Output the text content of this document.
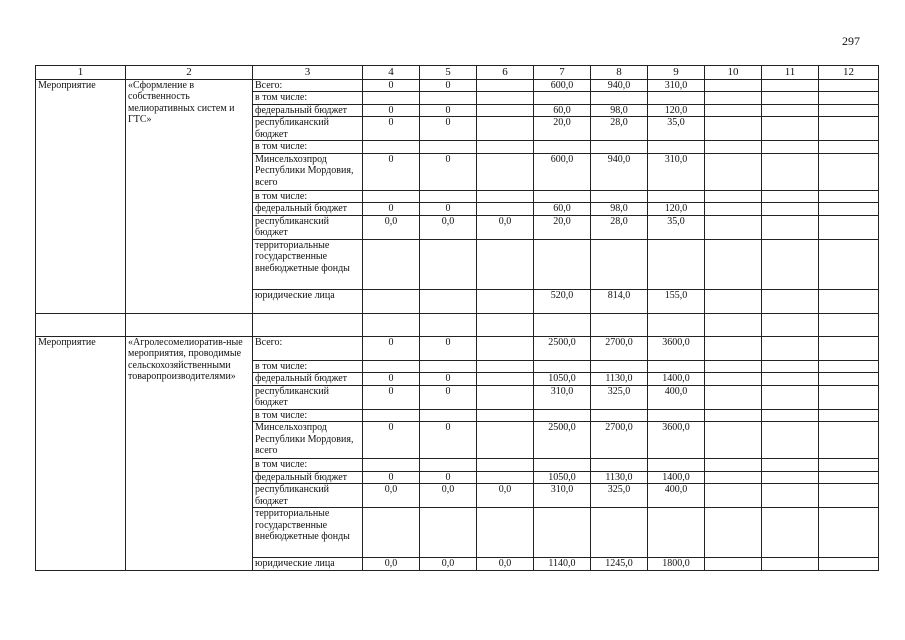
297
1	2	3	4	5	6	7	8	9	10	11	12
Мероприятие	«Сформление в собственность мелиоративных систем и ГТС»	Всего:	0	0		600,0	940,0	310,0			
		в том числе:									
		федеральный бюджет	0	0		60,0	98,0	120,0			
		республиканский бюджет	0	0		20,0	28,0	35,0			
		в том числе:									
		Минсельхозпрод Республики Мордовия, всего	0	0		600,0	940,0	310,0			
		в том числе:									
		федеральный бюджет	0	0		60,0	98,0	120,0			
		республиканский бюджет	0,0	0,0	0,0	20,0	28,0	35,0			
		территориальные государственные внебюджетные фонды									
		юридические лица				520,0	814,0	155,0			

Мероприятие	«Агролесомелиоратив-ные мероприятия, проводимые сельскохозяйственными товаропроизводителями»	Всего:	0	0		2500,0	2700,0	3600,0			
		в том числе:									
		федеральный бюджет	0	0		1050,0	1130,0	1400,0			
		республиканский бюджет	0	0		310,0	325,0	400,0			
		в том числе:									
		Минсельхозпрод Республики Мордовия, всего	0	0		2500,0	2700,0	3600,0			
		в том числе:									
		федеральный бюджет	0	0		1050,0	1130,0	1400,0			
		республиканский бюджет	0,0	0,0	0,0	310,0	325,0	400,0			
		территориальные государственные внебюджетные фонды									
		юридические лица	0,0	0,0	0,0	1140,0	1245,0	1800,0			
